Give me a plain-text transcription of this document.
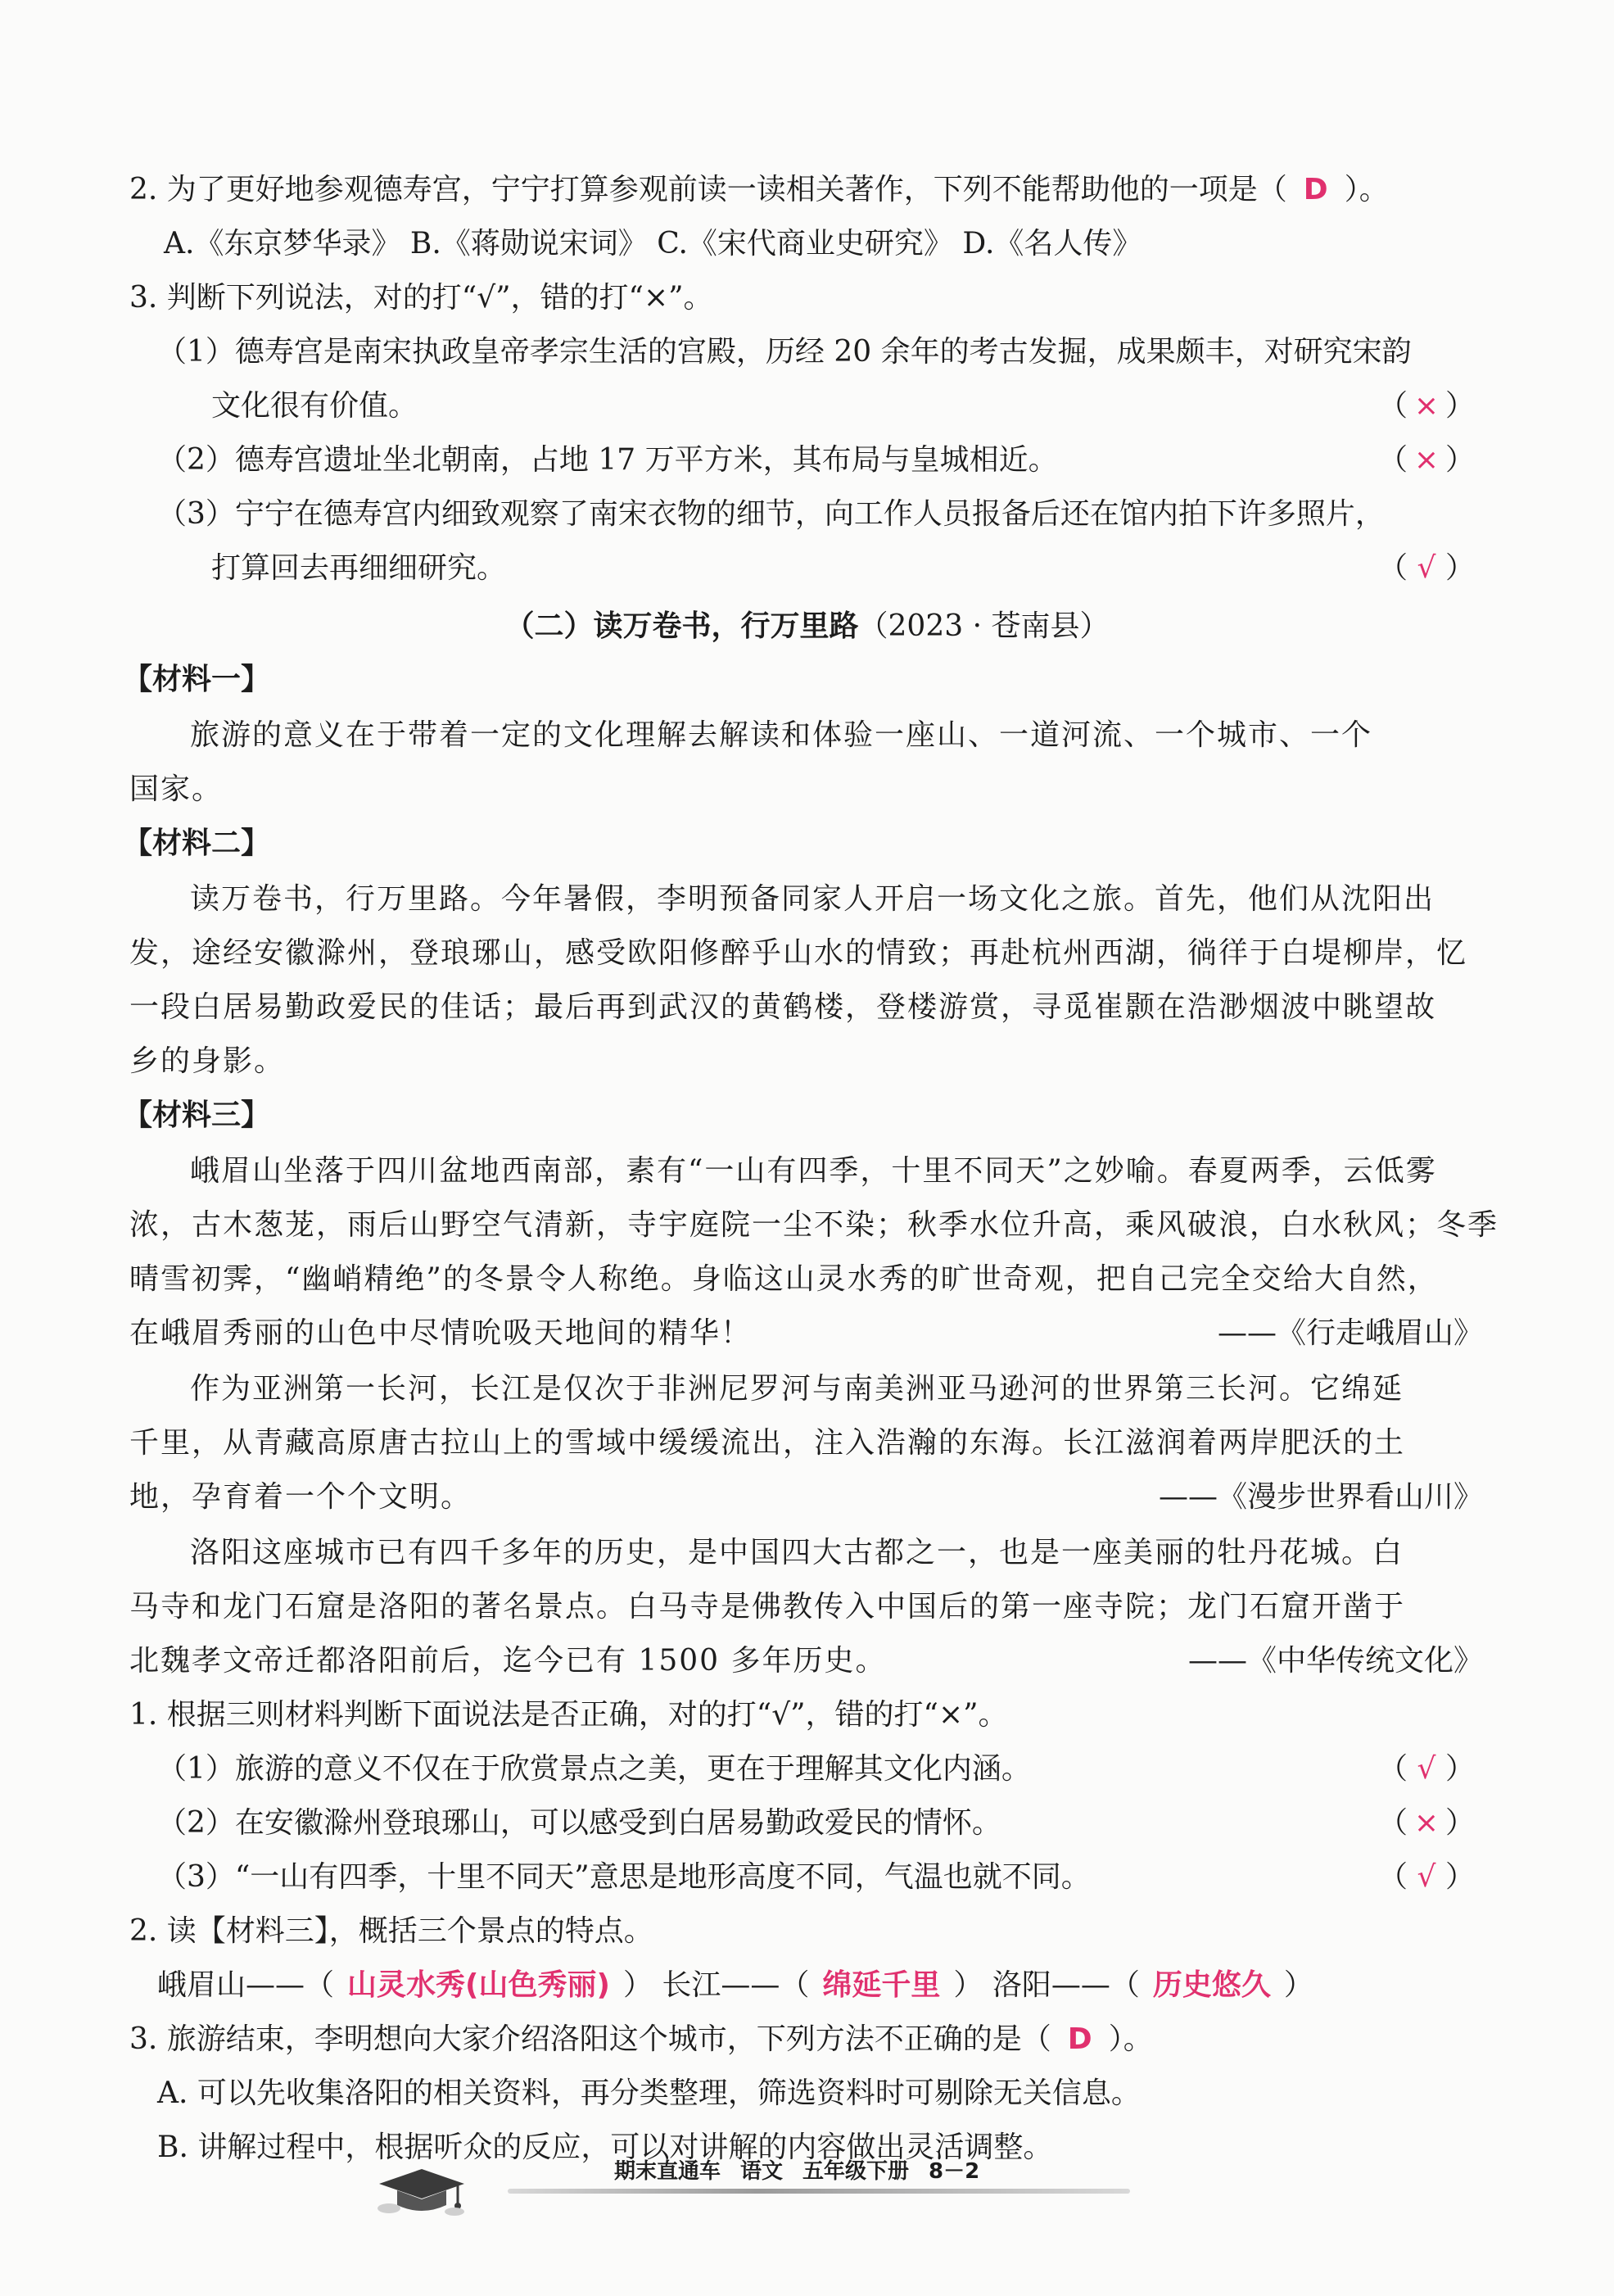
2. 为了更好地参观德寿宫，宁宁打算参观前读一读相关著作，下列不能帮助他的一项是（ D ）。
A.《东京梦华录》 B.《蒋勋说宋词》 C.《宋代商业史研究》 D.《名人传》
3. 判断下列说法，对的打“√”，错的打“×”。
（1）德寿宫是南宋执政皇帝孝宗生活的宫殿，历经 20 余年的考古发掘，成果颇丰，对研究宋韵
文化很有价值。	（ × ）
（2）德寿宫遗址坐北朝南，占地 17 万平方米，其布局与皇城相近。	（ × ）
（3）宁宁在德寿宫内细致观察了南宋衣物的细节，向工作人员报备后还在馆内拍下许多照片，
打算回去再细细研究。	（ √ ）
（二）读万卷书，行万里路（2023 · 苍南县）
【材料一】
旅游的意义在于带着一定的文化理解去解读和体验一座山、一道河流、一个城市、一个
国家。
【材料二】
读万卷书，行万里路。今年暑假，李明预备同家人开启一场文化之旅。首先，他们从沈阳出
发，途经安徽滁州，登琅琊山，感受欧阳修醉乎山水的情致；再赴杭州西湖，徜徉于白堤柳岸，忆
一段白居易勤政爱民的佳话；最后再到武汉的黄鹤楼，登楼游赏，寻觅崔颢在浩渺烟波中眺望故
乡的身影。
【材料三】
峨眉山坐落于四川盆地西南部，素有“一山有四季，十里不同天”之妙喻。春夏两季，云低雾
浓，古木葱茏，雨后山野空气清新，寺宇庭院一尘不染；秋季水位升高，乘风破浪，白水秋风；冬季
晴雪初霁，“幽峭精绝”的冬景令人称绝。身临这山灵水秀的旷世奇观，把自己完全交给大自然，
在峨眉秀丽的山色中尽情吮吸天地间的精华！	——《行走峨眉山》
作为亚洲第一长河，长江是仅次于非洲尼罗河与南美洲亚马逊河的世界第三长河。它绵延
千里，从青藏高原唐古拉山上的雪域中缓缓流出，注入浩瀚的东海。长江滋润着两岸肥沃的土
地，孕育着一个个文明。	——《漫步世界看山川》
洛阳这座城市已有四千多年的历史，是中国四大古都之一，也是一座美丽的牡丹花城。白
马寺和龙门石窟是洛阳的著名景点。白马寺是佛教传入中国后的第一座寺院；龙门石窟开凿于
北魏孝文帝迁都洛阳前后，迄今已有 1500 多年历史。	——《中华传统文化》
1. 根据三则材料判断下面说法是否正确，对的打“√”，错的打“×”。
（1）旅游的意义不仅在于欣赏景点之美，更在于理解其文化内涵。	（ √ ）
（2）在安徽滁州登琅琊山，可以感受到白居易勤政爱民的情怀。	（ × ）
（3）“一山有四季，十里不同天”意思是地形高度不同，气温也就不同。	（ √ ）
2. 读【材料三】，概括三个景点的特点。
峨眉山——（ 山灵水秀(山色秀丽) ） 长江——（ 绵延千里 ） 洛阳——（ 历史悠久 ）
3. 旅游结束，李明想向大家介绍洛阳这个城市，下列方法不正确的是（ D ）。
A. 可以先收集洛阳的相关资料，再分类整理，筛选资料时可剔除无关信息。
B. 讲解过程中，根据听众的反应，可以对讲解的内容做出灵活调整。
期末直通车 语文 五年级下册 8－2
